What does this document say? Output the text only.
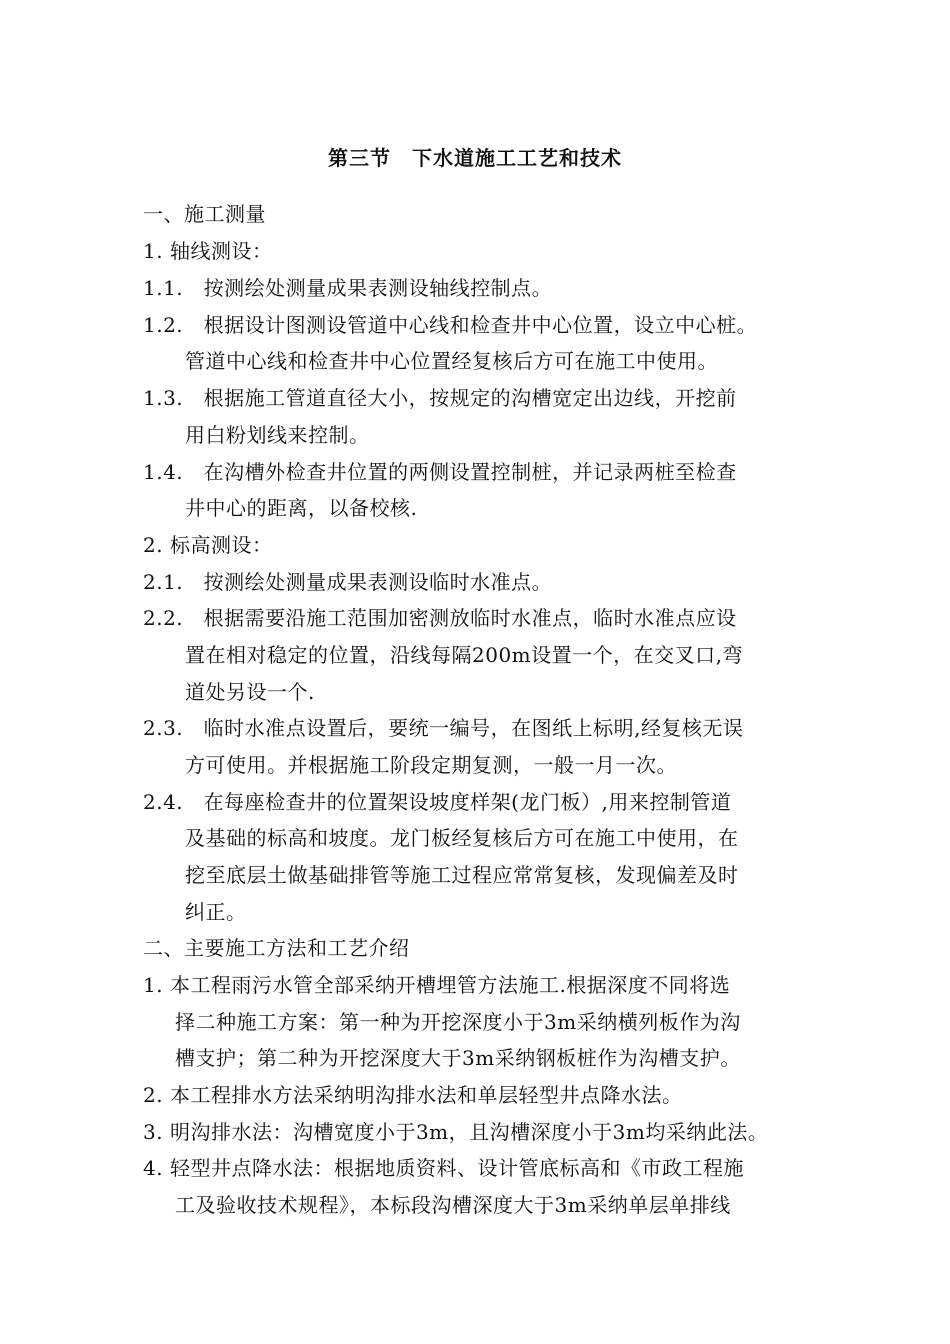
第三节　下水道施工工艺和技术
一、施工测量
1. 轴线测设：
1.1.　按测绘处测量成果表测设轴线控制点。
1.2.　根据设计图测设管道中心线和检查井中心位置，设立中心桩。
管道中心线和检查井中心位置经复核后方可在施工中使用。
1.3.　根据施工管道直径大小，按规定的沟槽宽定出边线，开挖前
用白粉划线来控制。
1.4.　在沟槽外检查井位置的两侧设置控制桩，并记录两桩至检查
井中心的距离，以备校核.
2. 标高测设：
2.1.　按测绘处测量成果表测设临时水准点。
2.2.　根据需要沿施工范围加密测放临时水准点，临时水准点应设
置在相对稳定的位置，沿线每隔200m设置一个，在交叉口,弯
道处另设一个.
2.3.　临时水准点设置后，要统一编号，在图纸上标明,经复核无误
方可使用。并根据施工阶段定期复测，一般一月一次。
2.4.　在每座检查井的位置架设坡度样架(龙门板）,用来控制管道
及基础的标高和坡度。龙门板经复核后方可在施工中使用，在
挖至底层土做基础排管等施工过程应常常复核，发现偏差及时
纠正。
二、主要施工方法和工艺介绍
1. 本工程雨污水管全部采纳开槽埋管方法施工.根据深度不同将选
择二种施工方案：第一种为开挖深度小于3m采纳横列板作为沟
槽支护；第二种为开挖深度大于3m采纳钢板桩作为沟槽支护。
2. 本工程排水方法采纳明沟排水法和单层轻型井点降水法。
3. 明沟排水法：沟槽宽度小于3m，且沟槽深度小于3m均采纳此法。
4. 轻型井点降水法：根据地质资料、设计管底标高和《市政工程施
工及验收技术规程》，本标段沟槽深度大于3m采纳单层单排线
